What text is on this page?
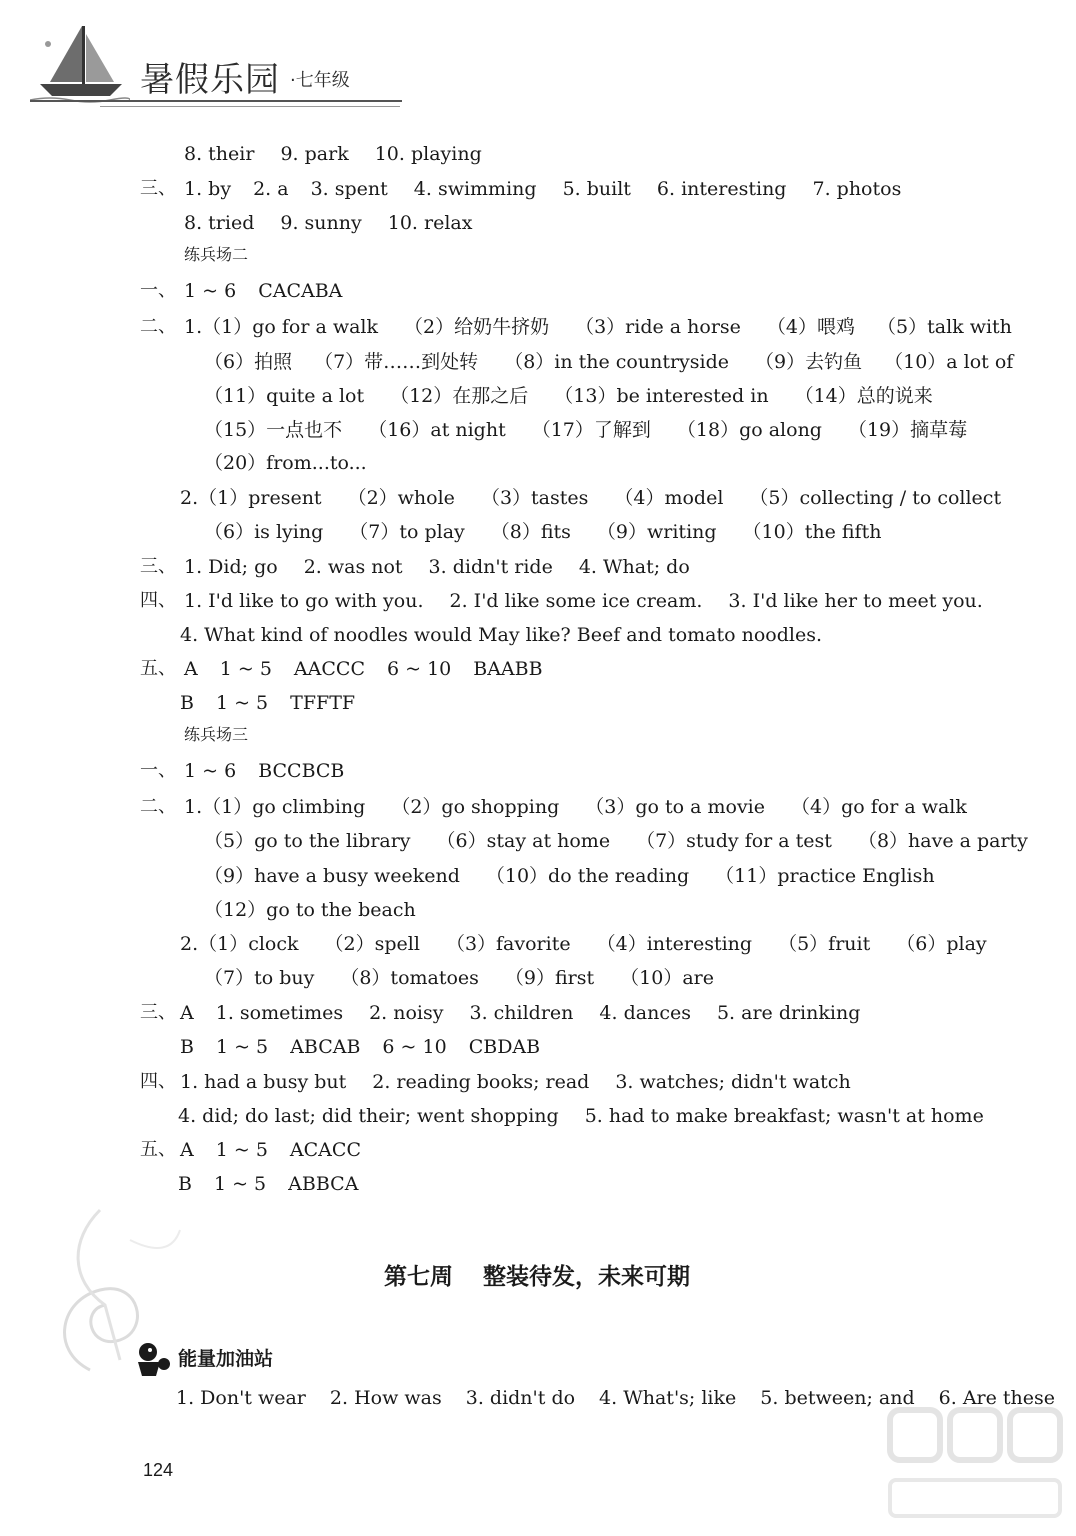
暑假乐园 ·七年级
8. their 9. park 10. playing
三、 1. by 2. a 3. spent 4. swimming 5. built 6. interesting 7. photos
8. tried 9. sunny 10. relax
练兵场二
一、 1 ~ 6 CACABA
二、 1.（1）go for a walk （2）给奶牛挤奶 （3）ride a horse （4）喂鸡 （5）talk with
（6）拍照 （7）带……到处转 （8）in the countryside （9）去钓鱼 （10）a lot of
（11）quite a lot （12）在那之后 （13）be interested in （14）总的说来
（15）一点也不 （16）at night （17）了解到 （18）go along （19）摘草莓
（20）from...to...
2.（1）present （2）whole （3）tastes （4）model （5）collecting / to collect
（6）is lying （7）to play （8）fits （9）writing （10）the fifth
三、 1. Did; go 2. was not 3. didn't ride 4. What; do
四、 1. I'd like to go with you. 2. I'd like some ice cream. 3. I'd like her to meet you.
4. What kind of noodles would May like? Beef and tomato noodles.
五、 A 1 ~ 5 AACCC 6 ~ 10 BAABB
B 1 ~ 5 TFFTF
练兵场三
一、 1 ~ 6 BCCBCB
二、 1.（1）go climbing （2）go shopping （3）go to a movie （4）go for a walk
（5）go to the library （6）stay at home （7）study for a test （8）have a party
（9）have a busy weekend （10）do the reading （11）practice English
（12）go to the beach
2.（1）clock （2）spell （3）favorite （4）interesting （5）fruit （6）play
（7）to buy （8）tomatoes （9）first （10）are
三、 A 1. sometimes 2. noisy 3. children 4. dances 5. are drinking
B 1 ~ 5 ABCAB 6 ~ 10 CBDAB
四、 1. had a busy but 2. reading books; read 3. watches; didn't watch
4. did; do last; did their; went shopping 5. had to make breakfast; wasn't at home
五、 A 1 ~ 5 ACACC
B 1 ~ 5 ABBCA
第七周 整装待发，未来可期
能量加油站
1. Don't wear 2. How was 3. didn't do 4. What's; like 5. between; and 6. Are these
124
